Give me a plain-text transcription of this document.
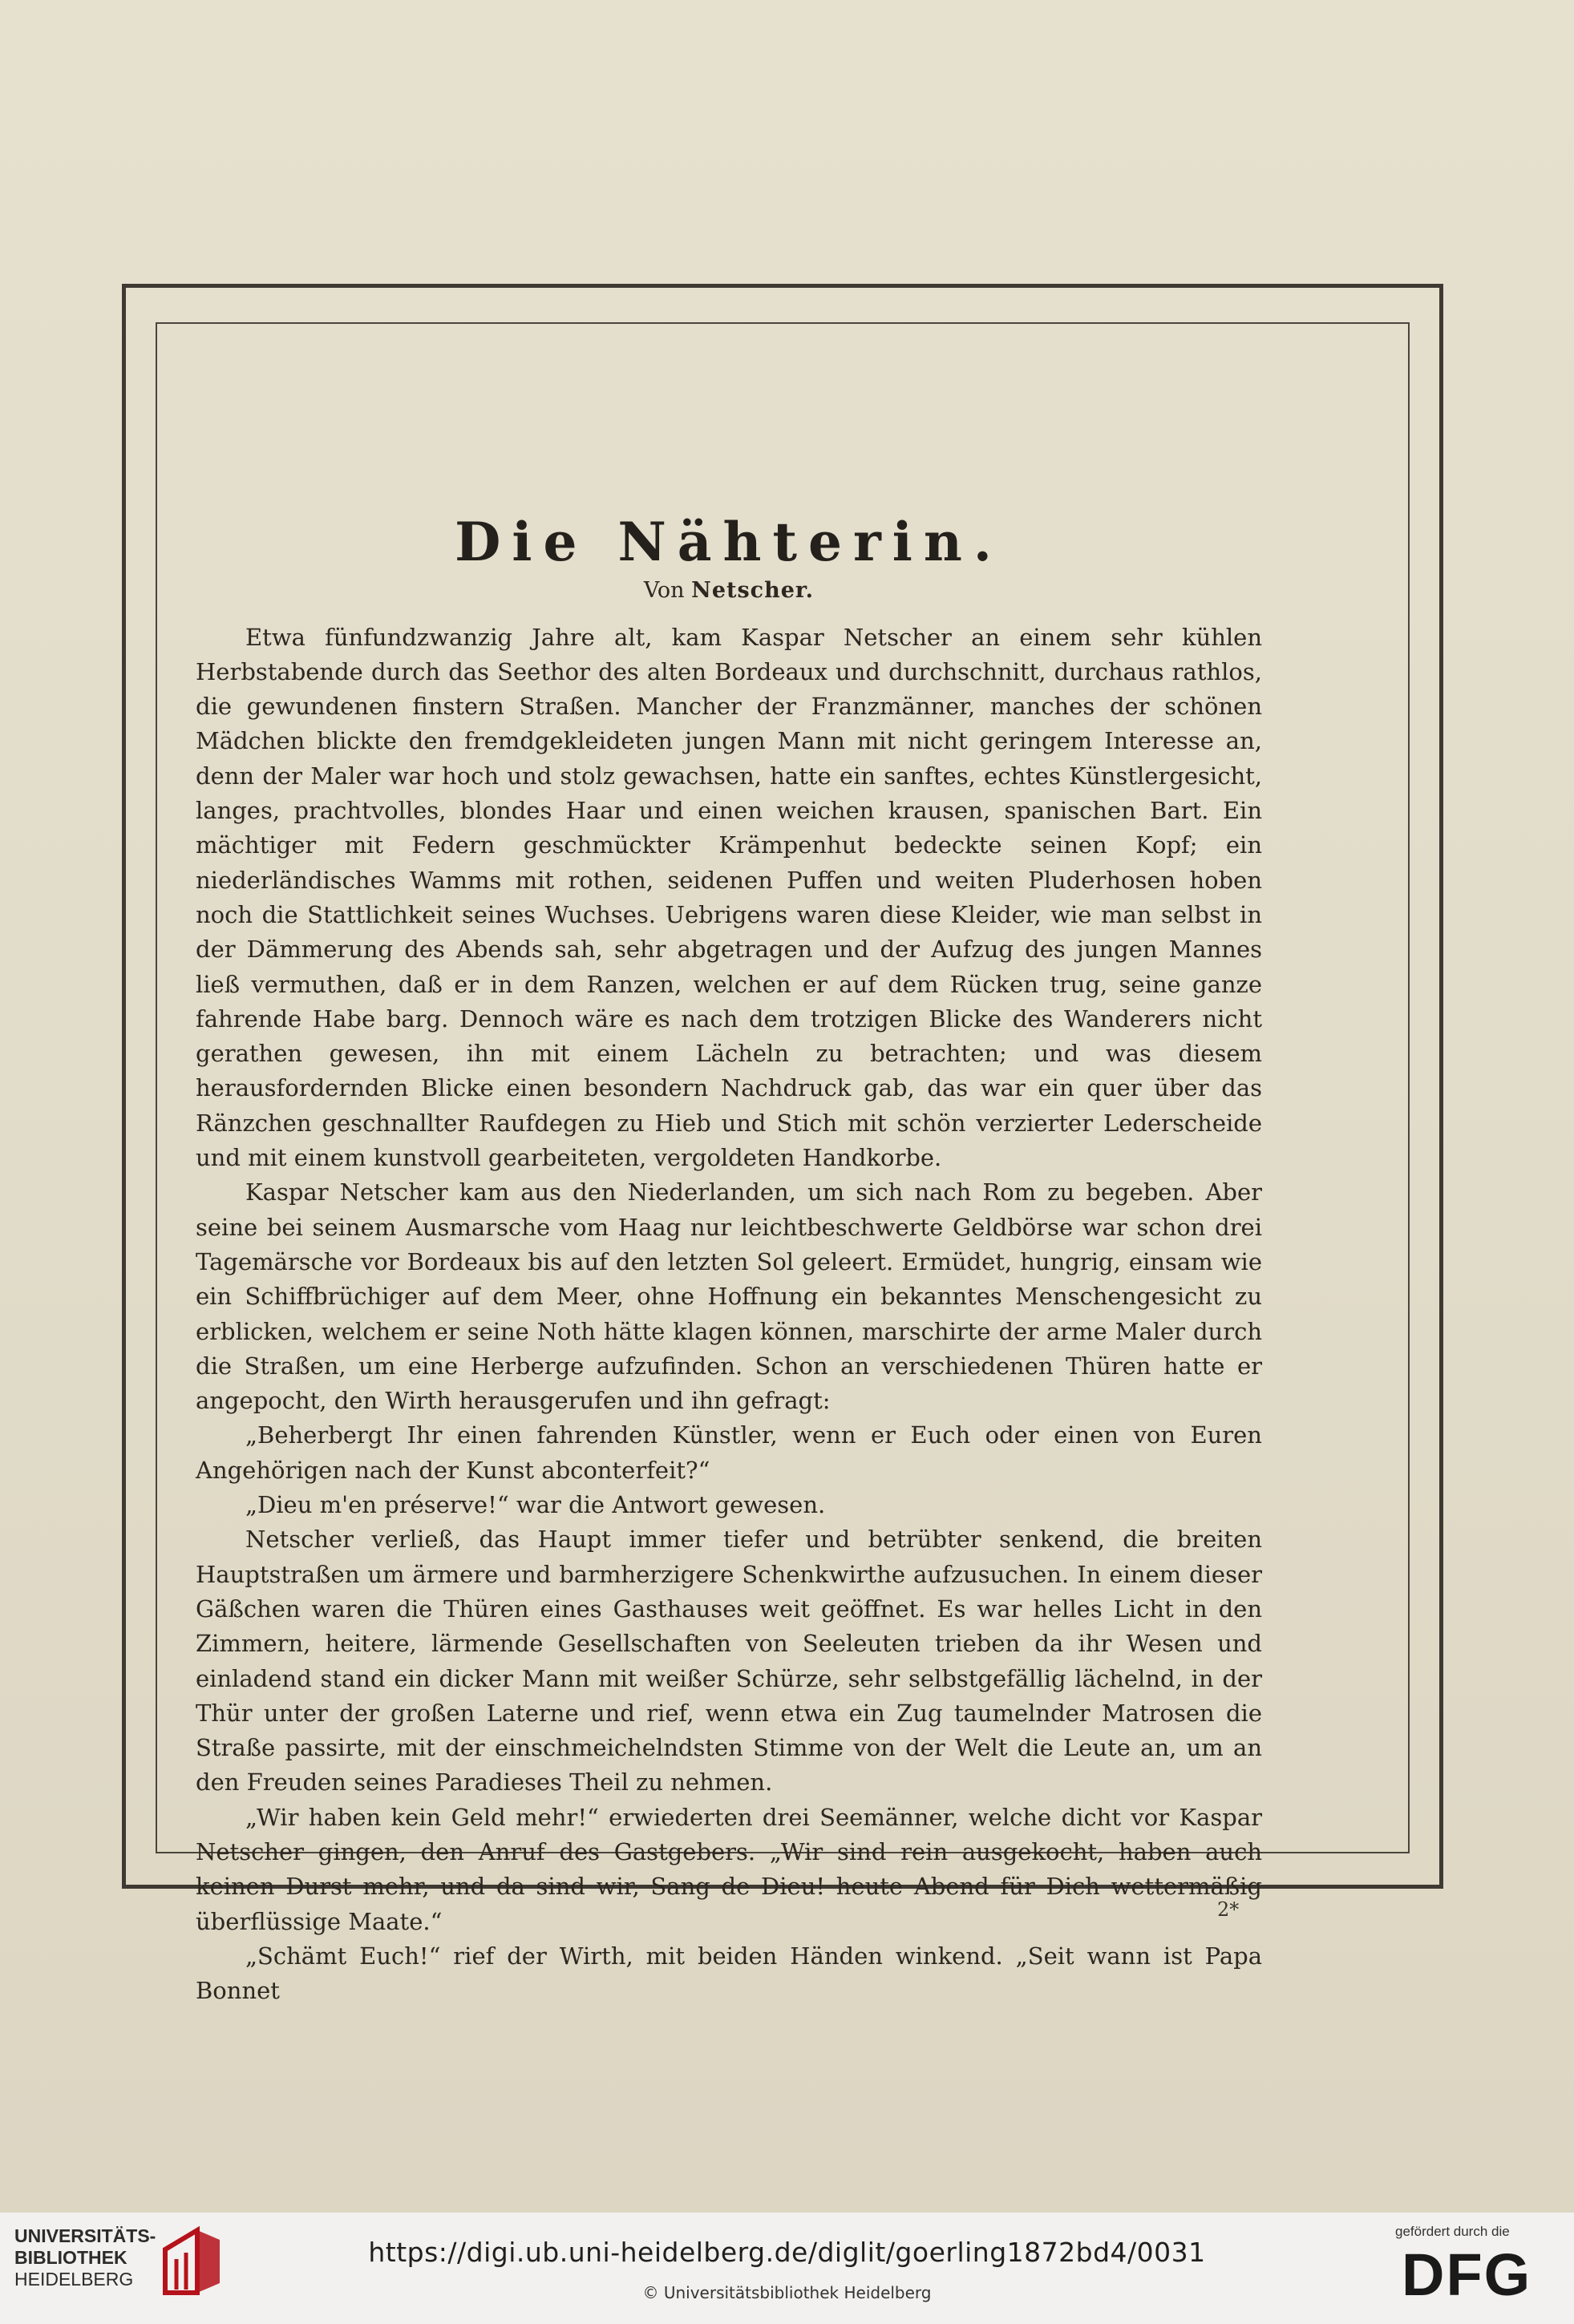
Die Nähterin.
Von Netscher.

Etwa fünfundzwanzig Jahre alt, kam Kaspar Netscher an einem sehr kühlen Herbstabende durch das Seethor des alten Bordeaux und durchschnitt, durchaus rathlos, die gewundenen finstern Straßen. Mancher der Franzmänner, manches der schönen Mädchen blickte den fremdgekleideten jungen Mann mit nicht geringem Interesse an, denn der Maler war hoch und stolz gewachsen, hatte ein sanftes, echtes Künstlergesicht, langes, prachtvolles, blondes Haar und einen weichen krausen, spanischen Bart. Ein mächtiger mit Federn geschmückter Krämpenhut bedeckte seinen Kopf; ein niederländisches Wamms mit rothen, seidenen Puffen und weiten Pluderhosen hoben noch die Stattlichkeit seines Wuchses. Uebrigens waren diese Kleider, wie man selbst in der Dämmerung des Abends sah, sehr abgetragen und der Aufzug des jungen Mannes ließ vermuthen, daß er in dem Ranzen, welchen er auf dem Rücken trug, seine ganze fahrende Habe barg. Dennoch wäre es nach dem trotzigen Blicke des Wanderers nicht gerathen gewesen, ihn mit einem Lächeln zu betrachten; und was diesem herausfordernden Blicke einen besondern Nachdruck gab, das war ein quer über das Ränzchen geschnallter Raufdegen zu Hieb und Stich mit schön verzierter Lederscheide und mit einem kunstvoll gearbeiteten, vergoldeten Handkorbe.

Kaspar Netscher kam aus den Niederlanden, um sich nach Rom zu begeben. Aber seine bei seinem Ausmarsche vom Haag nur leichtbeschwerte Geldbörse war schon drei Tagemärsche vor Bordeaux bis auf den letzten Sol geleert. Ermüdet, hungrig, einsam wie ein Schiffbrüchiger auf dem Meer, ohne Hoffnung ein bekanntes Menschengesicht zu erblicken, welchem er seine Noth hätte klagen können, marschirte der arme Maler durch die Straßen, um eine Herberge aufzufinden. Schon an verschiedenen Thüren hatte er angepocht, den Wirth herausgerufen und ihn gefragt:

„Beherbergt Ihr einen fahrenden Künstler, wenn er Euch oder einen von Euren Angehörigen nach der Kunst abconterfeit?“

„Dieu m'en préserve!“ war die Antwort gewesen.

Netscher verließ, das Haupt immer tiefer und betrübter senkend, die breiten Hauptstraßen um ärmere und barmherzigere Schenkwirthe aufzusuchen. In einem dieser Gäßchen waren die Thüren eines Gasthauses weit geöffnet. Es war helles Licht in den Zimmern, heitere, lärmende Gesellschaften von Seeleuten trieben da ihr Wesen und einladend stand ein dicker Mann mit weißer Schürze, sehr selbstgefällig lächelnd, in der Thür unter der großen Laterne und rief, wenn etwa ein Zug taumelnder Matrosen die Straße passirte, mit der einschmeichelndsten Stimme von der Welt die Leute an, um an den Freuden seines Paradieses Theil zu nehmen.

„Wir haben kein Geld mehr!“ erwiederten drei Seemänner, welche dicht vor Kaspar Netscher gingen, den Anruf des Gastgebers. „Wir sind rein ausgekocht, haben auch keinen Durst mehr, und da sind wir, Sang de Dieu! heute Abend für Dich wettermäßig überflüssige Maate.“

„Schämt Euch!“ rief der Wirth, mit beiden Händen winkend. „Seit wann ist Papa Bonnet

2*
UNIVERSITÄTS-
BIBLIOTHEK
HEIDELBERG
https://digi.ub.uni-heidelberg.de/diglit/goerling1872bd4/0031
© Universitätsbibliothek Heidelberg
gefördert durch die
DFG
